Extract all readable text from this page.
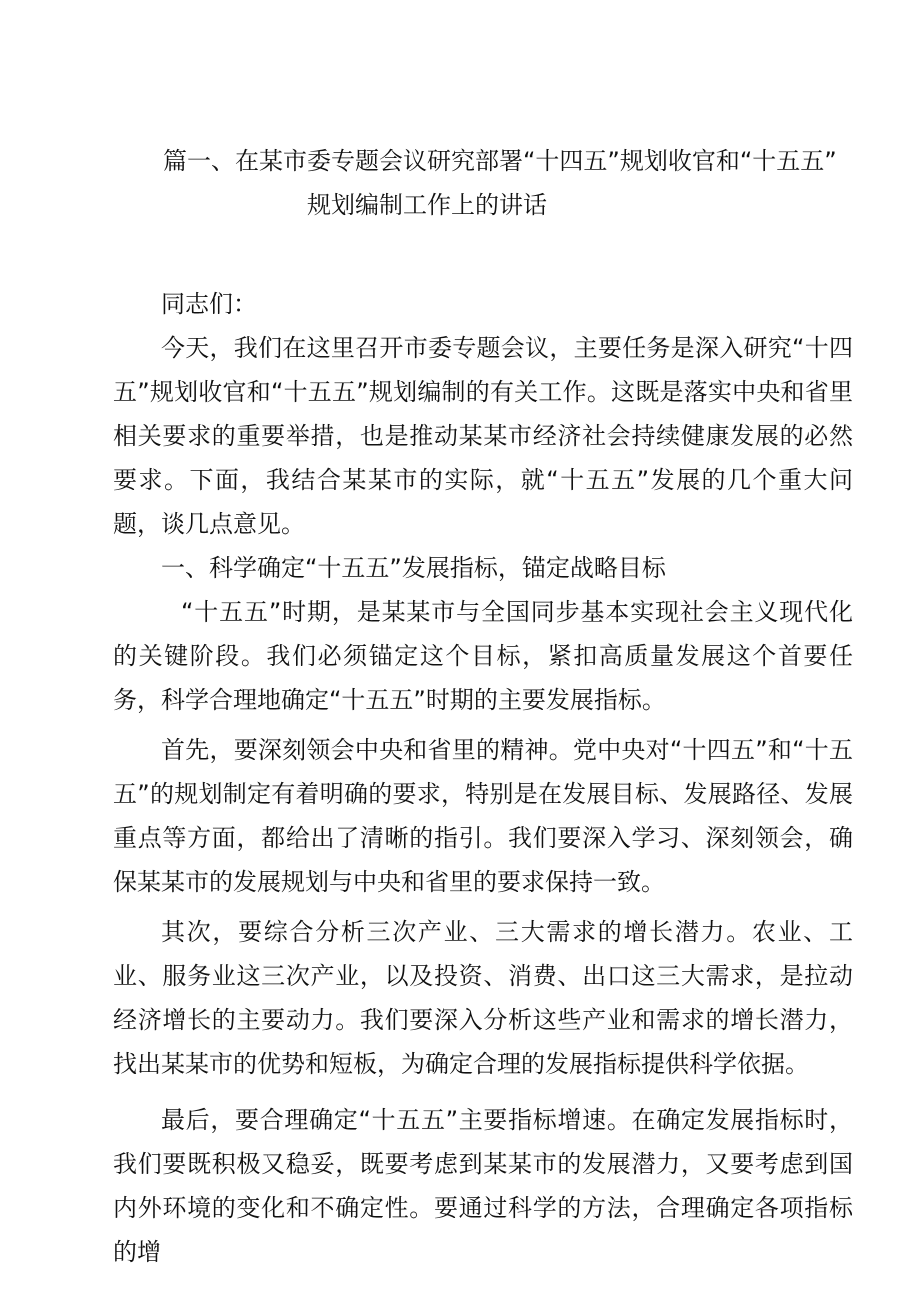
篇一、在某市委专题会议研究部署“十四五”规划收官和“十五五”
规划编制工作上的讲话

同志们：

今天，我们在这里召开市委专题会议，主要任务是深入研究“十四五”规划收官和“十五五”规划编制的有关工作。这既是落实中央和省里相关要求的重要举措，也是推动某某市经济社会持续健康发展的必然要求。下面，我结合某某市的实际，就“十五五”发展的几个重大问题，谈几点意见。

一、科学确定“十五五”发展指标，锚定战略目标

“十五五”时期，是某某市与全国同步基本实现社会主义现代化的关键阶段。我们必须锚定这个目标，紧扣高质量发展这个首要任务，科学合理地确定“十五五”时期的主要发展指标。

首先，要深刻领会中央和省里的精神。党中央对“十四五”和“十五五”的规划制定有着明确的要求，特别是在发展目标、发展路径、发展重点等方面，都给出了清晰的指引。我们要深入学习、深刻领会，确保某某市的发展规划与中央和省里的要求保持一致。

其次，要综合分析三次产业、三大需求的增长潜力。农业、工业、服务业这三次产业，以及投资、消费、出口这三大需求，是拉动经济增长的主要动力。我们要深入分析这些产业和需求的增长潜力，找出某某市的优势和短板，为确定合理的发展指标提供科学依据。

最后，要合理确定“十五五”主要指标增速。在确定发展指标时，我们要既积极又稳妥，既要考虑到某某市的发展潜力，又要考虑到国内外环境的变化和不确定性。要通过科学的方法，合理确定各项指标的增
